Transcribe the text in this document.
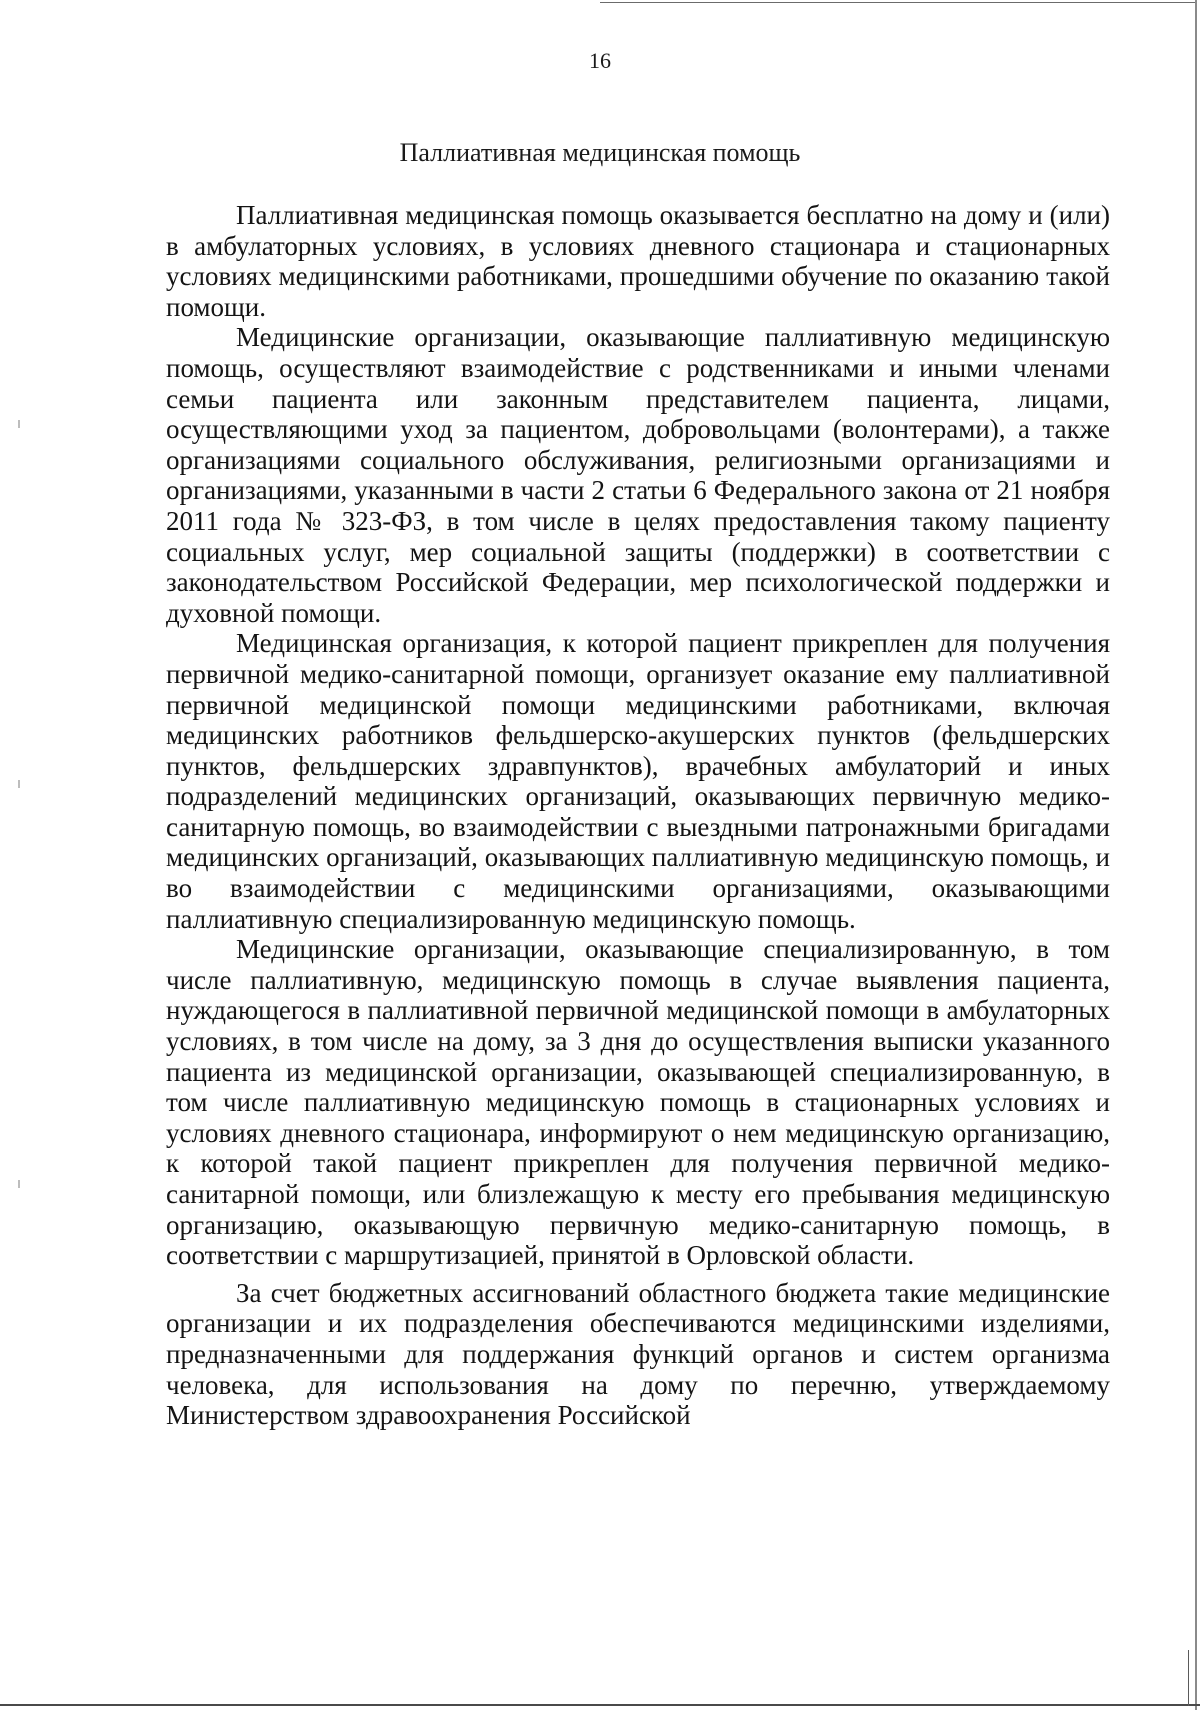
16
Паллиативная медицинская помощь

Паллиативная медицинская помощь оказывается бесплатно на дому и (или) в амбулаторных условиях, в условиях дневного стационара и стационарных условиях медицинскими работниками, прошедшими обучение по оказанию такой помощи.

Медицинские организации, оказывающие паллиативную медицинскую помощь, осуществляют взаимодействие с родственниками и иными членами семьи пациента или законным представителем пациента, лицами, осуществляющими уход за пациентом, добровольцами (волонтерами), а также организациями социального обслуживания, религиозными организациями и организациями, указанными в части 2 статьи 6 Федерального закона от 21 ноября 2011 года № 323-ФЗ, в том числе в целях предоставления такому пациенту социальных услуг, мер социальной защиты (поддержки) в соответствии с законодательством Российской Федерации, мер психологической поддержки и духовной помощи.

Медицинская организация, к которой пациент прикреплен для получения первичной медико-санитарной помощи, организует оказание ему паллиативной первичной медицинской помощи медицинскими работниками, включая медицинских работников фельдшерско-акушерских пунктов (фельдшерских пунктов, фельдшерских здравпунктов), врачебных амбулаторий и иных подразделений медицинских организаций, оказывающих первичную медико-санитарную помощь, во взаимодействии с выездными патронажными бригадами медицинских организаций, оказывающих паллиативную медицинскую помощь, и во взаимодействии с медицинскими организациями, оказывающими паллиативную специализированную медицинскую помощь.

Медицинские организации, оказывающие специализированную, в том числе паллиативную, медицинскую помощь в случае выявления пациента, нуждающегося в паллиативной первичной медицинской помощи в амбулаторных условиях, в том числе на дому, за 3 дня до осуществления выписки указанного пациента из медицинской организации, оказывающей специализированную, в том числе паллиативную медицинскую помощь в стационарных условиях и условиях дневного стационара, информируют о нем медицинскую организацию, к которой такой пациент прикреплен для получения первичной медико-санитарной помощи, или близлежащую к месту его пребывания медицинскую организацию, оказывающую первичную медико-санитарную помощь, в соответствии с маршрутизацией, принятой в Орловской области.

За счет бюджетных ассигнований областного бюджета такие медицинские организации и их подразделения обеспечиваются медицинскими изделиями, предназначенными для поддержания функций органов и систем организма человека, для использования на дому по перечню, утверждаемому Министерством здравоохранения Российской
